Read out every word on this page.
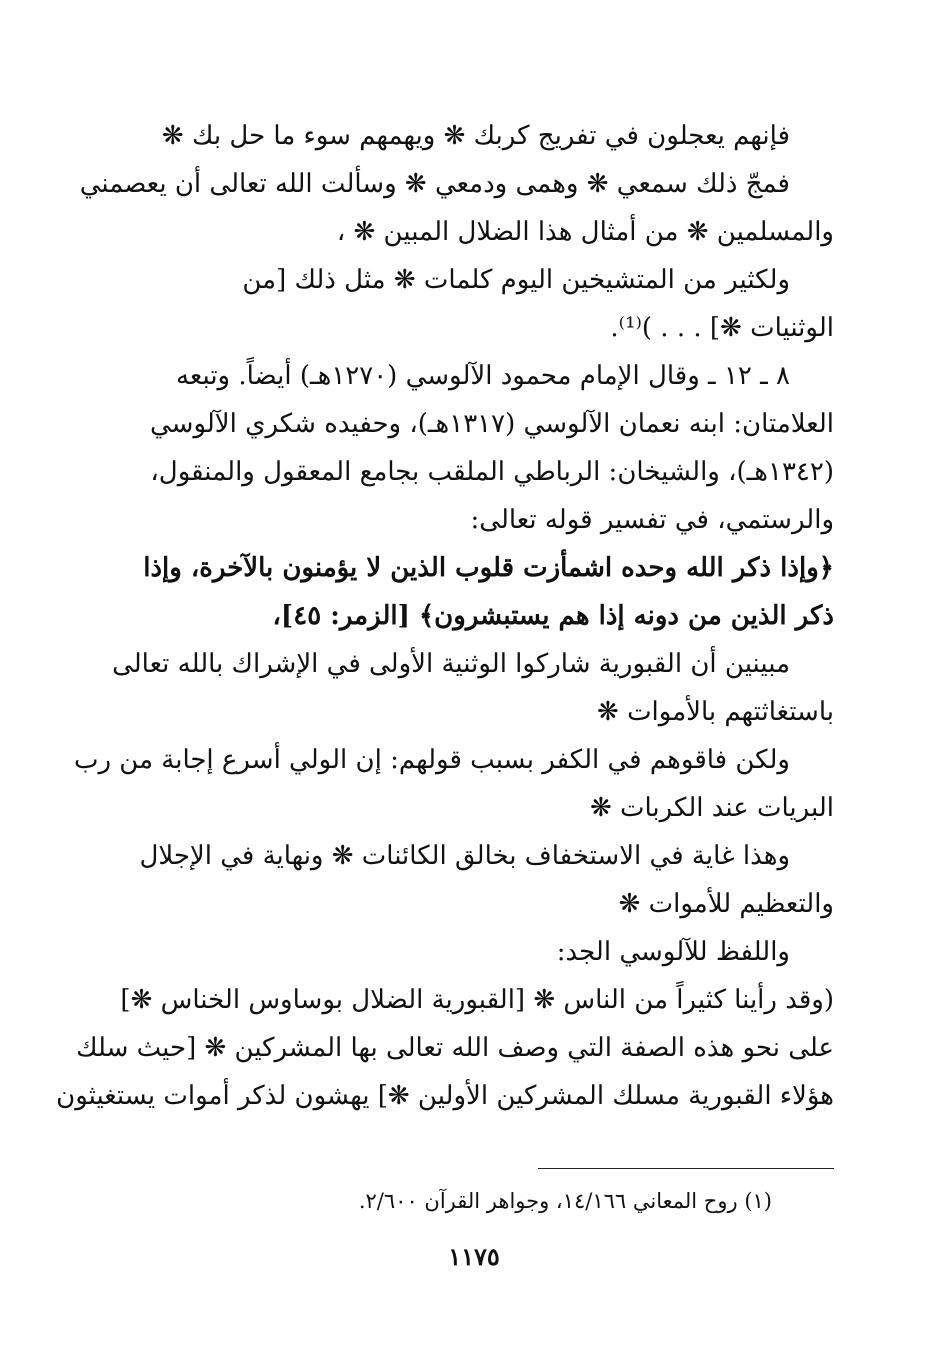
فإنهم يعجلون في تفريج كربك ❋ ويهمهم سوء ما حل بك ❋
فمجّ ذلك سمعي ❋ وهمى ودمعي ❋ وسألت الله تعالى أن يعصمني
والمسلمين ❋ من أمثال هذا الضلال المبين ❋ ،
ولكثير من المتشيخين اليوم كلمات ❋ مثل ذلك [من
الوثنيات ❋] . . . )⁽¹⁾.
٨ ـ ١٢ ـ وقال الإمام محمود الآلوسي (١٢٧٠هـ) أيضاً. وتبعه
العلامتان: ابنه نعمان الآلوسي (١٣١٧هـ)، وحفيده شكري الآلوسي
(١٣٤٢هـ)، والشيخان: الرباطي الملقب بجامع المعقول والمنقول،
والرستمي، في تفسير قوله تعالى:
﴿وإذا ذكر الله وحده اشمأزت قلوب الذين لا يؤمنون بالآخرة، وإذا
ذكر الذين من دونه إذا هم يستبشرون﴾ [الزمر: ٤٥]،
مبينين أن القبورية شاركوا الوثنية الأولى في الإشراك بالله تعالى
باستغاثتهم بالأموات ❋
ولكن فاقوهم في الكفر بسبب قولهم: إن الولي أسرع إجابة من رب
البريات عند الكربات ❋
وهذا غاية في الاستخفاف بخالق الكائنات ❋ ونهاية في الإجلال
والتعظيم للأموات ❋
واللفظ للآلوسي الجد:
(وقد رأينا كثيراً من الناس ❋ [القبورية الضلال بوساوس الخناس ❋]
على نحو هذه الصفة التي وصف الله تعالى بها المشركين ❋ [حيث سلك
هؤلاء القبورية مسلك المشركين الأولين ❋] يهشون لذكر أموات يستغيثون
(١) روح المعاني ١٤/١٦٦، وجواهر القرآن ٢/٦٠٠.
١١٧٥
